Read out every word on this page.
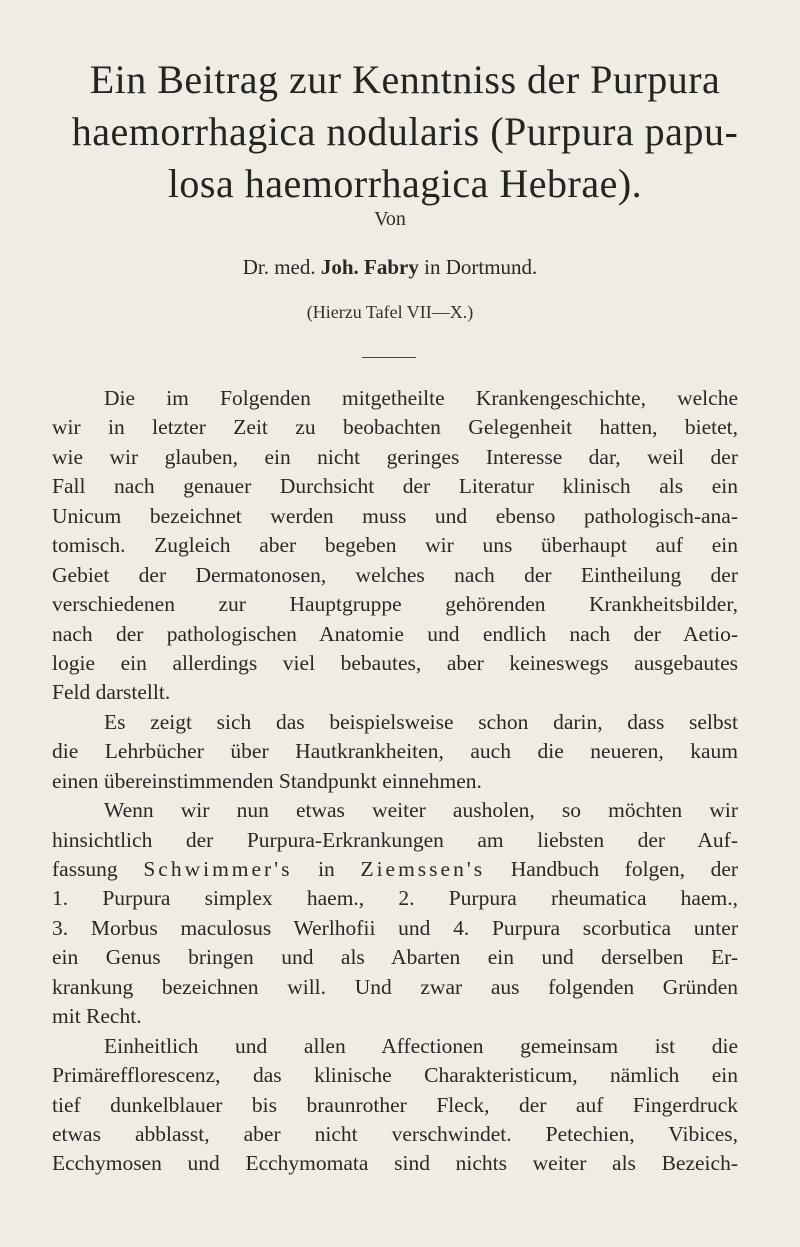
Ein Beitrag zur Kenntniss der Purpura
haemorrhagica nodularis (Purpura papu-
losa haemorrhagica Hebrae).
Von
Dr. med. Joh. Fabry in Dortmund.
(Hierzu Tafel VII—X.)
Die im Folgenden mitgetheilte Krankengeschichte, welche
wir in letzter Zeit zu beobachten Gelegenheit hatten, bietet,
wie wir glauben, ein nicht geringes Interesse dar, weil der
Fall nach genauer Durchsicht der Literatur klinisch als ein
Unicum bezeichnet werden muss und ebenso pathologisch-ana-
tomisch. Zugleich aber begeben wir uns überhaupt auf ein
Gebiet der Dermatonosen, welches nach der Eintheilung der
verschiedenen zur Hauptgruppe gehörenden Krankheitsbilder,
nach der pathologischen Anatomie und endlich nach der Aetio-
logie ein allerdings viel bebautes, aber keineswegs ausgebautes
Feld darstellt.
Es zeigt sich das beispielsweise schon darin, dass selbst
die Lehrbücher über Hautkrankheiten, auch die neueren, kaum
einen übereinstimmenden Standpunkt einnehmen.
Wenn wir nun etwas weiter ausholen, so möchten wir
hinsichtlich der Purpura-Erkrankungen am liebsten der Auf-
fassung Schwimmer's in Ziemssen's Handbuch folgen, der
1. Purpura simplex haem., 2. Purpura rheumatica haem.,
3. Morbus maculosus Werlhofii und 4. Purpura scorbutica unter
ein Genus bringen und als Abarten ein und derselben Er-
krankung bezeichnen will. Und zwar aus folgenden Gründen
mit Recht.
Einheitlich und allen Affectionen gemeinsam ist die
Primärefflorescenz, das klinische Charakteristicum, nämlich ein
tief dunkelblauer bis braunrother Fleck, der auf Fingerdruck
etwas abblasst, aber nicht verschwindet. Petechien, Vibices,
Ecchymosen und Ecchymomata sind nichts weiter als Bezeich-
